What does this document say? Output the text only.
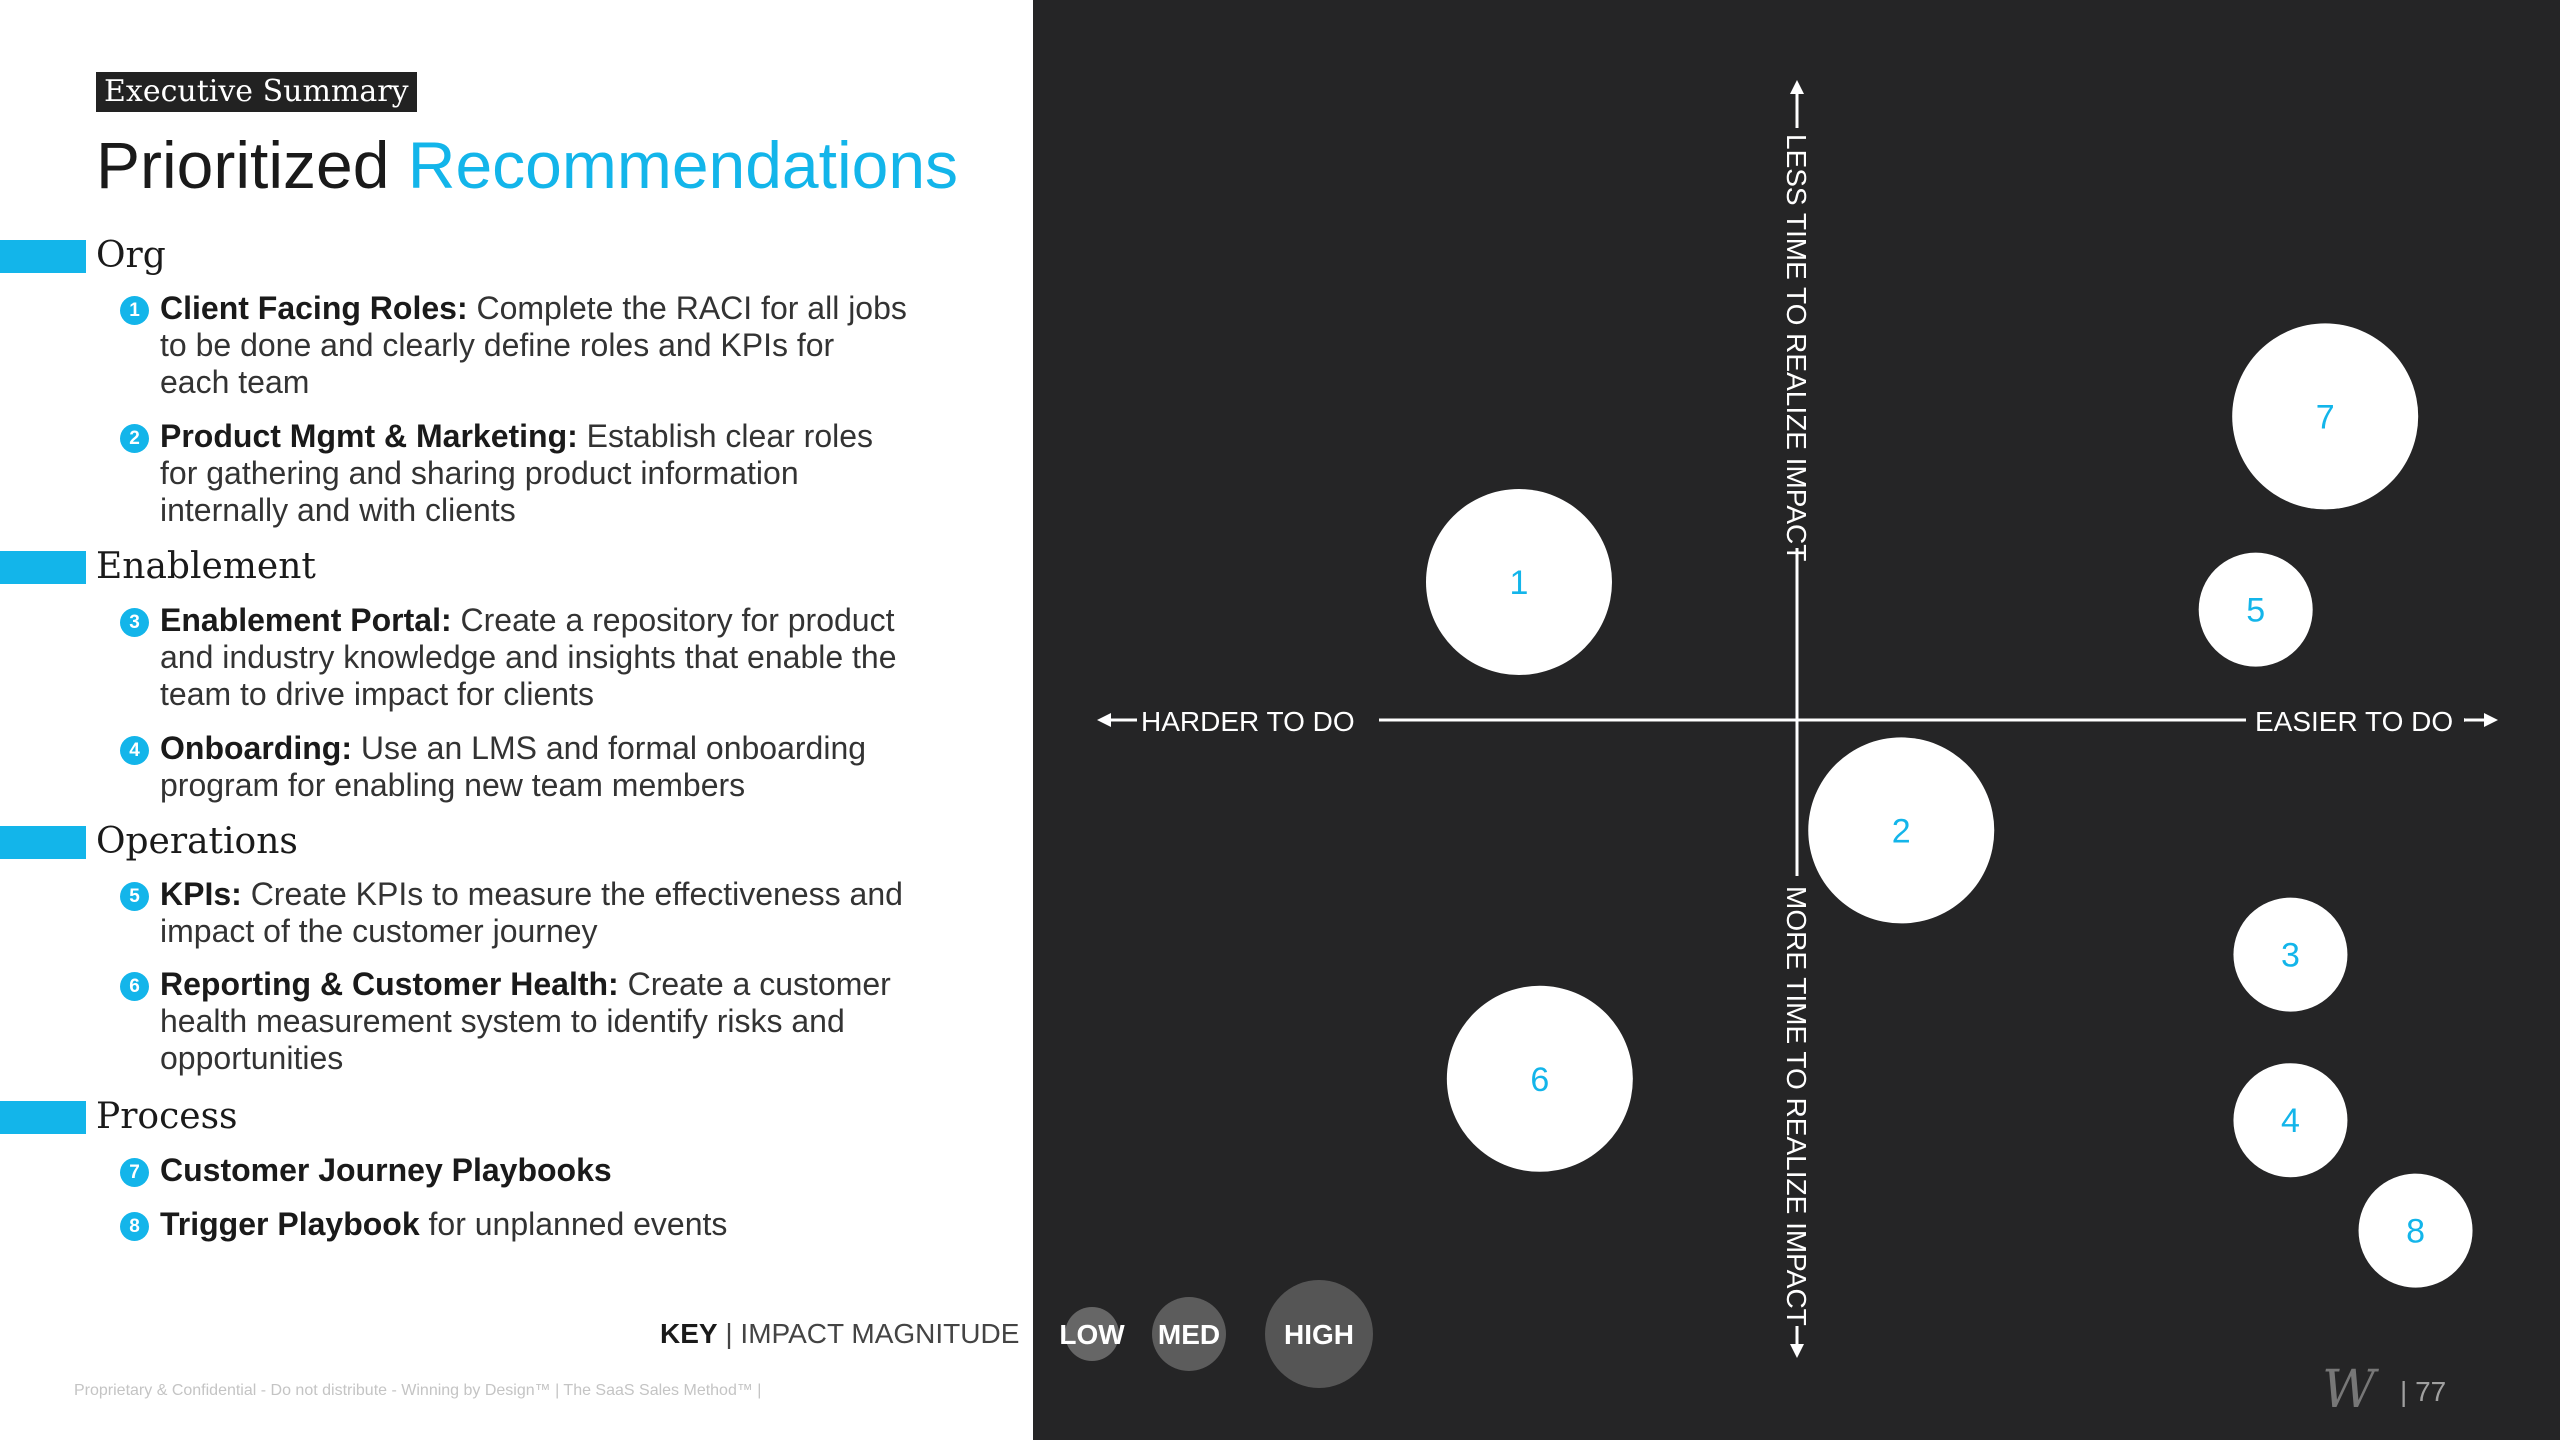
Executive Summary
Prioritized Recommendations
Org
1 Client Facing Roles: Complete the RACI for all jobs to be done and clearly define roles and KPIs for each team
2 Product Mgmt & Marketing: Establish clear roles for gathering and sharing product information internally and with clients
Enablement
3 Enablement Portal: Create a repository for product and industry knowledge and insights that enable the team to drive impact for clients
4 Onboarding: Use an LMS and formal onboarding program for enabling new team members
Operations
5 KPIs: Create KPIs to measure the effectiveness and impact of the customer journey
6 Reporting & Customer Health: Create a customer health measurement system to identify risks and opportunities
Process
7 Customer Journey Playbooks
8 Trigger Playbook for unplanned events
KEY | IMPACT MAGNITUDE
Proprietary & Confidential - Do not distribute - Winning by Design™ | The SaaS Sales Method™ |
HARDER TO DO	EASIER TO DO
LESS TIME TO REALIZE IMPACT
MORE TIME TO REALIZE IMPACT
1
2
3
4
5
6
7
8
LOW MED HIGH
W | 77
